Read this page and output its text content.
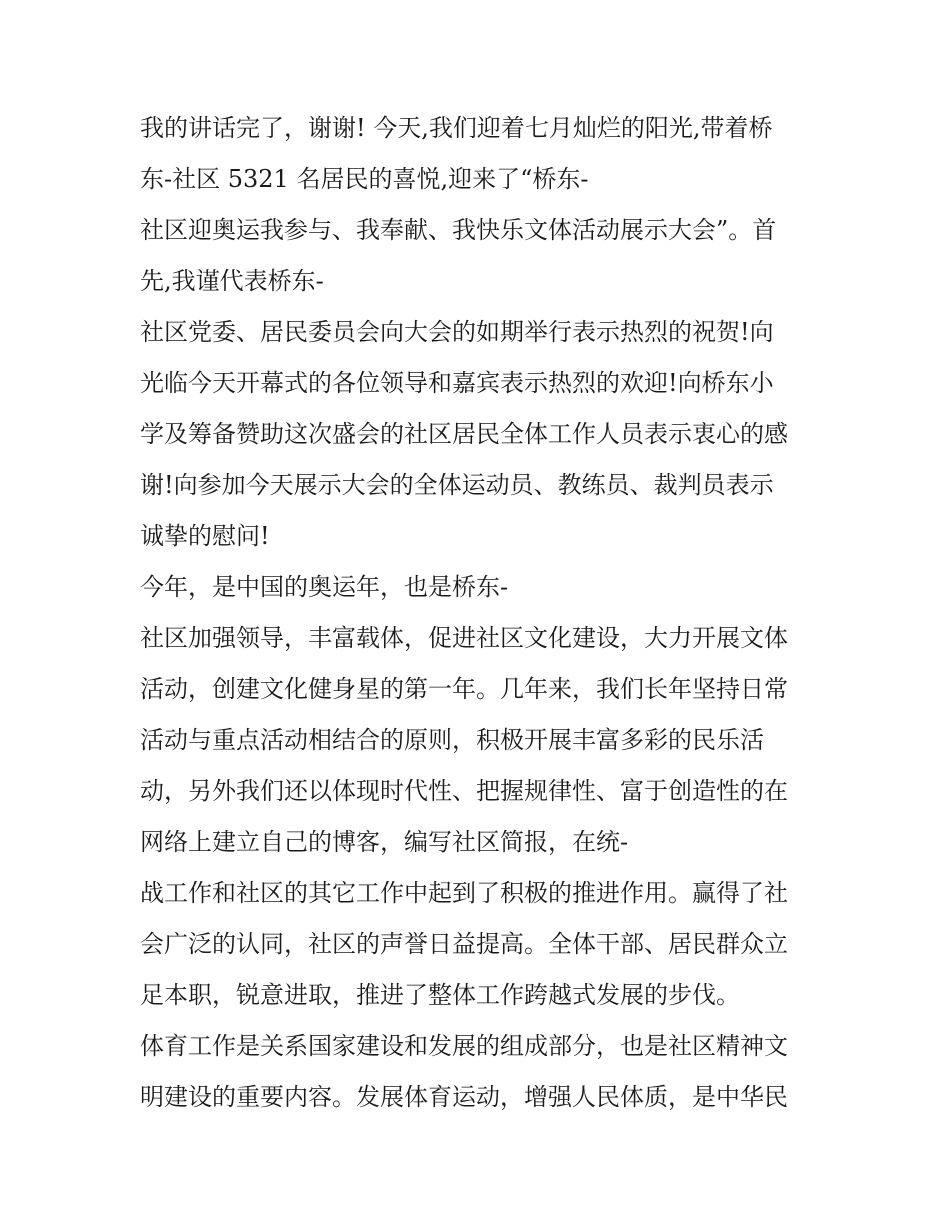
我的讲话完了，谢谢! 今天,我们迎着七月灿烂的阳光,带着桥
东-社区 5321 名居民的喜悦,迎来了“桥东-
社区迎奥运我参与、我奉献、我快乐文体活动展示大会”。首
先,我谨代表桥东-
社区党委、居民委员会向大会的如期举行表示热烈的祝贺!向
光临今天开幕式的各位领导和嘉宾表示热烈的欢迎!向桥东小
学及筹备赞助这次盛会的社区居民全体工作人员表示衷心的感
谢!向参加今天展示大会的全体运动员、教练员、裁判员表示
诚挚的慰问!
今年，是中国的奥运年，也是桥东-
社区加强领导，丰富载体，促进社区文化建设，大力开展文体
活动，创建文化健身星的第一年。几年来，我们长年坚持日常
活动与重点活动相结合的原则，积极开展丰富多彩的民乐活
动，另外我们还以体现时代性、把握规律性、富于创造性的在
网络上建立自己的博客，编写社区简报，在统-
战工作和社区的其它工作中起到了积极的推进作用。赢得了社
会广泛的认同，社区的声誉日益提高。全体干部、居民群众立
足本职，锐意进取，推进了整体工作跨越式发展的步伐。
体育工作是关系国家建设和发展的组成部分，也是社区精神文
明建设的重要内容。发展体育运动，增强人民体质，是中华民
